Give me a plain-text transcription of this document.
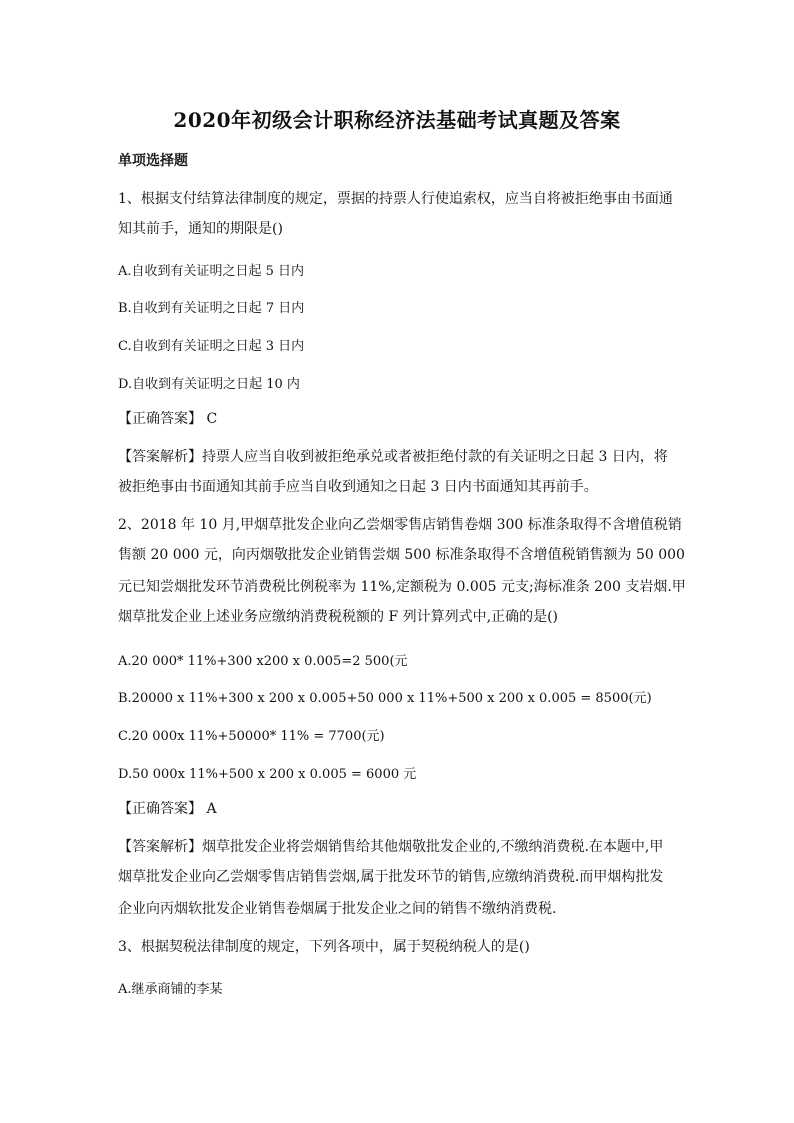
2020年初级会计职称经济法基础考试真题及答案
单项选择题
1、根据支付结算法律制度的规定，票据的持票人行使追索权，应当自将被拒绝事由书面通
知其前手，通知的期限是()
A.自收到有关证明之日起 5 日内
B.自收到有关证明之日起 7 日内
C.自收到有关证明之日起 3 日内
D.自收到有关证明之日起 10 内
【正确答案】 C
【答案解析】持票人应当自收到被拒绝承兑或者被拒绝付款的有关证明之日起 3 日内，将
被拒绝事由书面通知其前手应当自收到通知之日起 3 日内书面通知其再前手。
2、2018 年 10 月,甲烟草批发企业向乙尝烟零售店销售卷烟 300 标准条取得不含增值税销
售额 20 000 元，向丙烟敬批发企业销售尝烟 500 标准条取得不含增值税销售额为 50 000
元已知尝烟批发环节消费税比例税率为 11%,定额税为 0.005 元支;海标准条 200 支岩烟.甲
烟草批发企业上述业务应缴纳消费税税额的 F 列计算列式中,正确的是()
A.20 000* 11%+300 x200 x 0.005=2 500(元
B.20000 x 11%+300 x 200 x 0.005+50 000 x 11%+500 x 200 x 0.005 = 8500(元)
C.20 000x 11%+50000* 11% = 7700(元)
D.50 000x 11%+500 x 200 x 0.005 = 6000 元
【正确答案】 A
【答案解析】烟草批发企业将尝烟销售给其他烟敬批发企业的,不缴纳消费税.在本题中,甲
烟草批发企业向乙尝烟零售店销售尝烟,属于批发环节的销售,应缴纳消费税.而甲烟构批发
企业向丙烟软批发企业销售卷烟属于批发企业之间的销售不缴纳消费税.
3、根据契税法律制度的规定，下列各项中，属于契税纳税人的是()
A.继承商铺的李某
